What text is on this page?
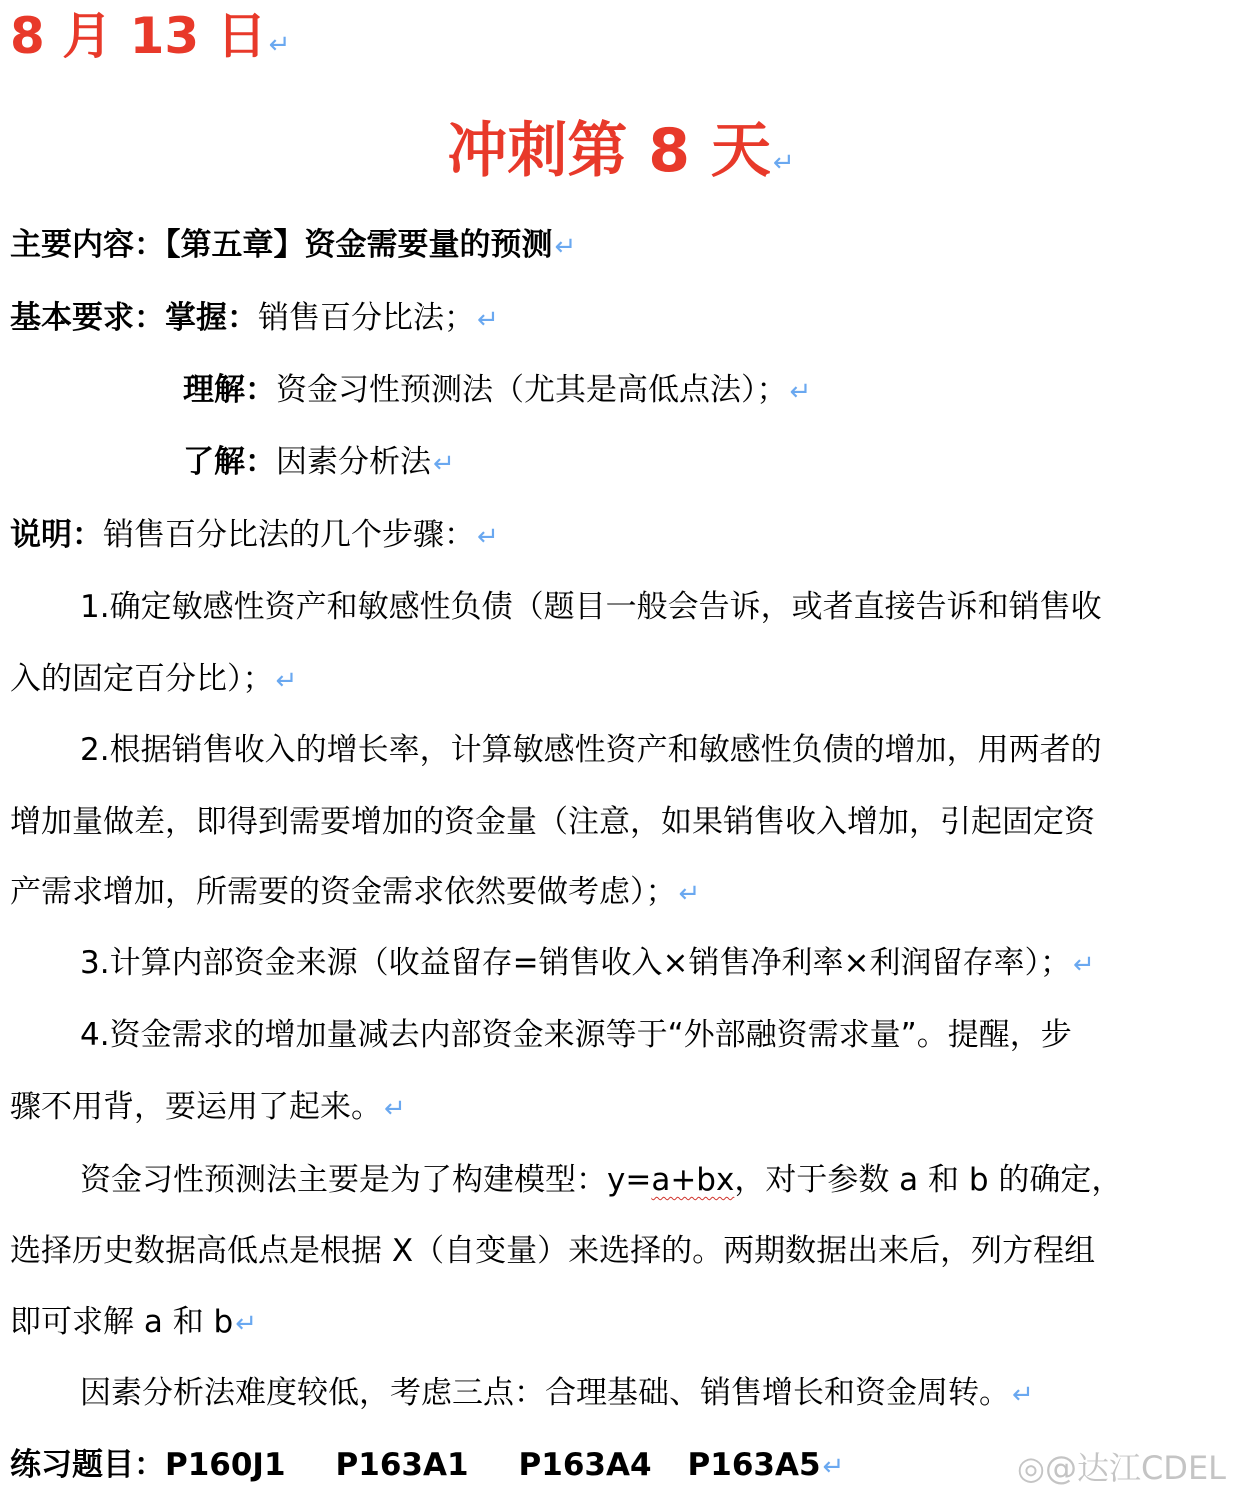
8 月 13 日↵
冲刺第 8 天↵
主要内容：【第五章】资金需要量的预测↵
基本要求：掌握：销售百分比法；↵
理解：资金习性预测法（尤其是高低点法）；↵
了解：因素分析法↵
说明：销售百分比法的几个步骤：↵
1.确定敏感性资产和敏感性负债（题目一般会告诉，或者直接告诉和销售收
入的固定百分比）；↵
2.根据销售收入的增长率，计算敏感性资产和敏感性负债的增加，用两者的
增加量做差，即得到需要增加的资金量（注意，如果销售收入增加，引起固定资
产需求增加，所需要的资金需求依然要做考虑）；↵
3.计算内部资金来源（收益留存=销售收入×销售净利率×利润留存率）；↵
4.资金需求的增加量减去内部资金来源等于“外部融资需求量”。提醒，步
骤不用背，要运用了起来。↵
资金习性预测法主要是为了构建模型：y=a+bx，对于参数 a 和 b 的确定，
选择历史数据高低点是根据 X（自变量）来选择的。两期数据出来后，列方程组
即可求解 a 和 b↵
因素分析法难度较低，考虑三点：合理基础、销售增长和资金周转。↵
练习题目：P160J1 P163A1 P163A4 P163A5↵	◎@达江CDEL
